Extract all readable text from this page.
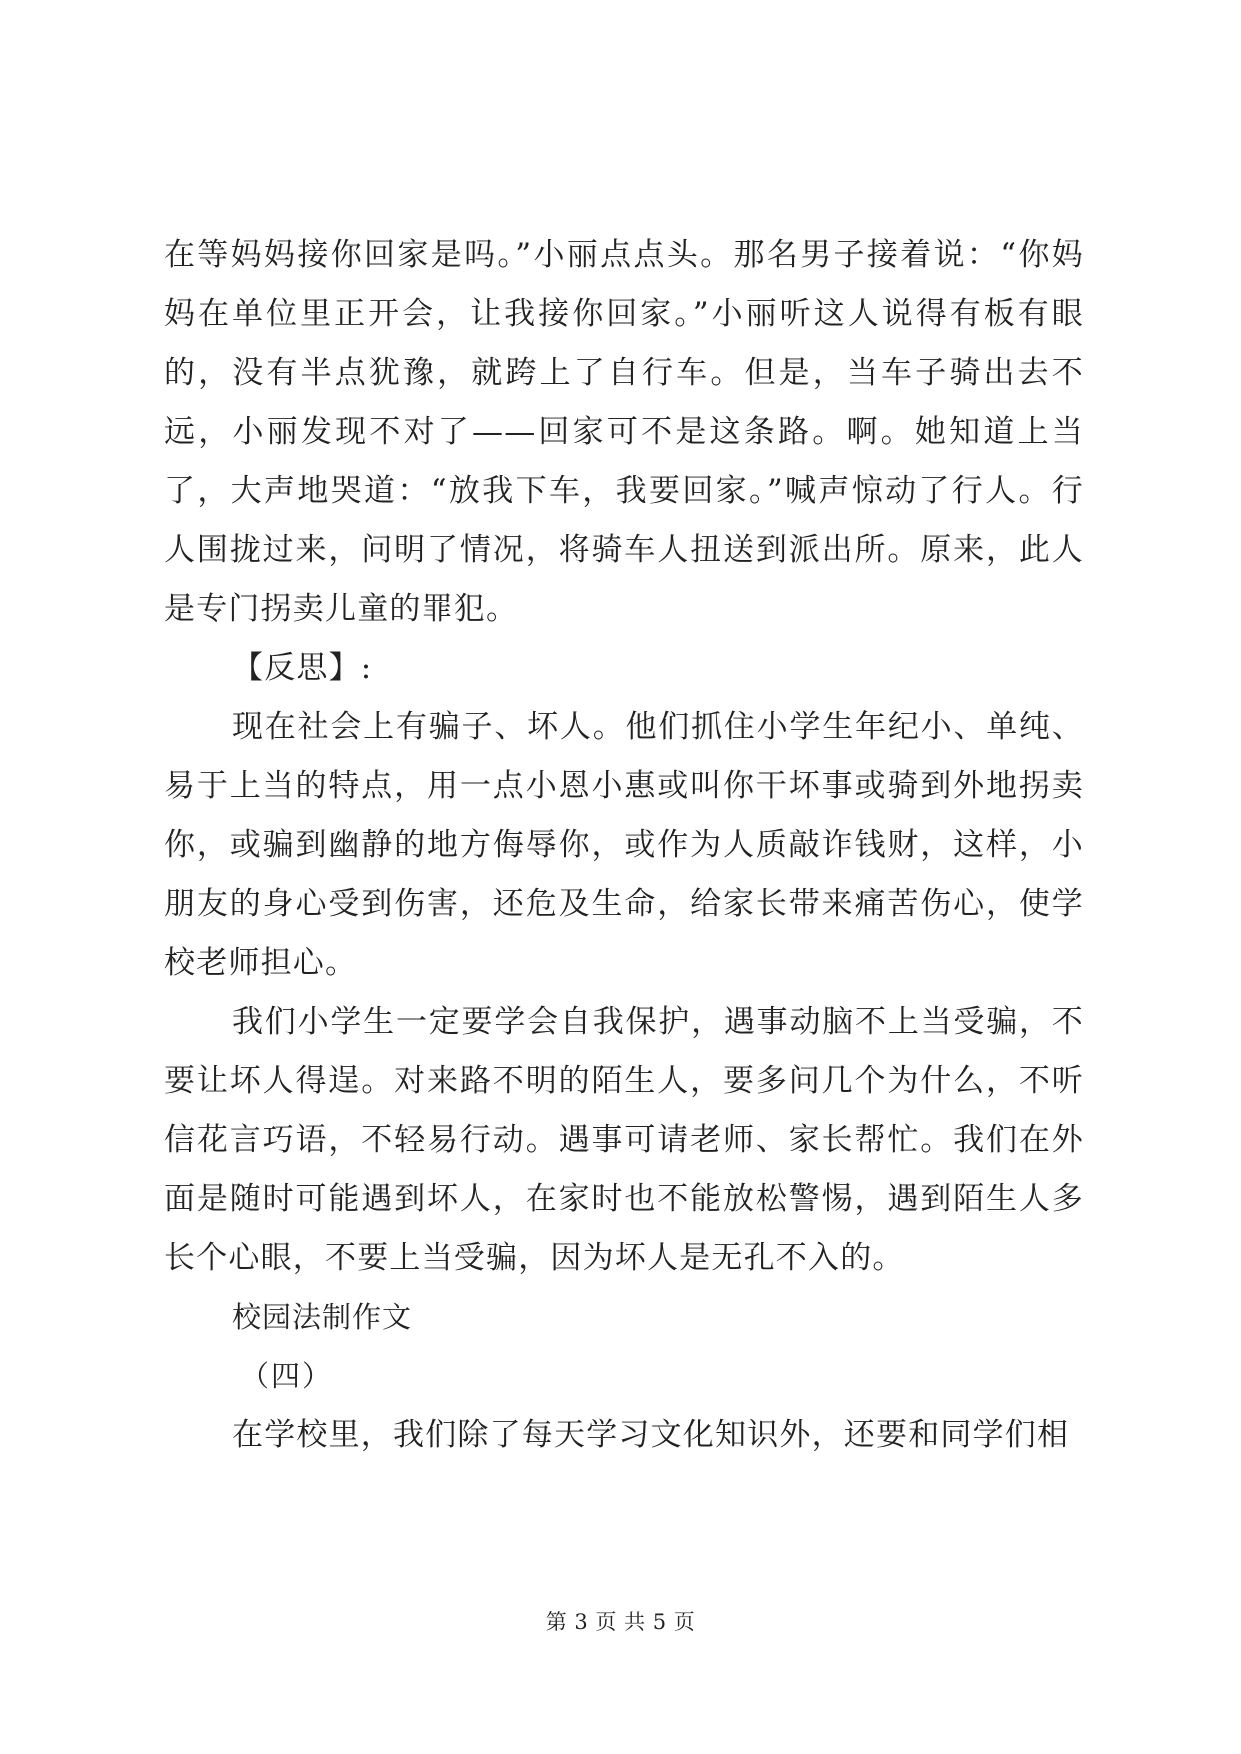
在等妈妈接你回家是吗。”小丽点点头。那名男子接着说：“你妈妈在单位里正开会，让我接你回家。”小丽听这人说得有板有眼的，没有半点犹豫，就跨上了自行车。但是，当车子骑出去不远，小丽发现不对了——回家可不是这条路。啊。她知道上当了，大声地哭道：“放我下车，我要回家。”喊声惊动了行人。行人围拢过来，问明了情况，将骑车人扭送到派出所。原来，此人是专门拐卖儿童的罪犯。

【反思】:

现在社会上有骗子、坏人。他们抓住小学生年纪小、单纯、易于上当的特点，用一点小恩小惠或叫你干坏事或骑到外地拐卖你，或骗到幽静的地方侮辱你，或作为人质敲诈钱财，这样，小朋友的身心受到伤害，还危及生命，给家长带来痛苦伤心，使学校老师担心。

我们小学生一定要学会自我保护，遇事动脑不上当受骗，不要让坏人得逞。对来路不明的陌生人，要多问几个为什么，不听信花言巧语，不轻易行动。遇事可请老师、家长帮忙。我们在外面是随时可能遇到坏人，在家时也不能放松警惕，遇到陌生人多长个心眼，不要上当受骗，因为坏人是无孔不入的。

校园法制作文

（四）

在学校里，我们除了每天学习文化知识外，还要和同学们相

第 3 页 共 5 页
